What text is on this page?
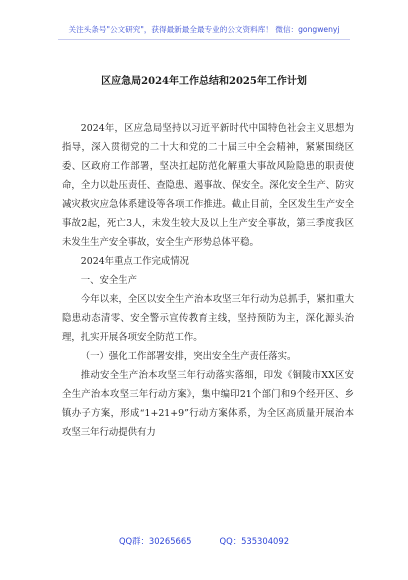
关注头条号"公文研究"，获得最新最全最专业的公文资料库！ 微信：gongwenyj
区应急局2024年工作总结和2025年工作计划

2024年，区应急局坚持以习近平新时代中国特色社会主义思想为指导，深入贯彻党的二十大和党的二十届三中全会精神，紧紧围绕区委、区政府工作部署，坚决扛起防范化解重大事故风险隐患的职责使命，全力以赴压责任、查隐患、遏事故、保安全。深化安全生产、防灾减灾救灾应急体系建设等各项工作推进。截止目前，全区发生生产安全事故2起，死亡3人，未发生较大及以上生产安全事故，第三季度我区未发生生产安全事故，安全生产形势总体平稳。

2024年重点工作完成情况

一、安全生产

今年以来，全区以安全生产治本攻坚三年行动为总抓手，紧扣重大隐患动态清零、安全警示宣传教育主线，坚持预防为主，深化源头治理，扎实开展各项安全防范工作。

（一）强化工作部署安排，突出安全生产责任落实。

推动安全生产治本攻坚三年行动落实落细，印发《铜陵市XX区安全生产治本攻坚三年行动方案》，集中编印21个部门和9个经开区、乡镇办子方案，形成“1+21+9”行动方案体系，为全区高质量开展治本攻坚三年行动提供有力

QQ群：30265665	QQ：535304092
